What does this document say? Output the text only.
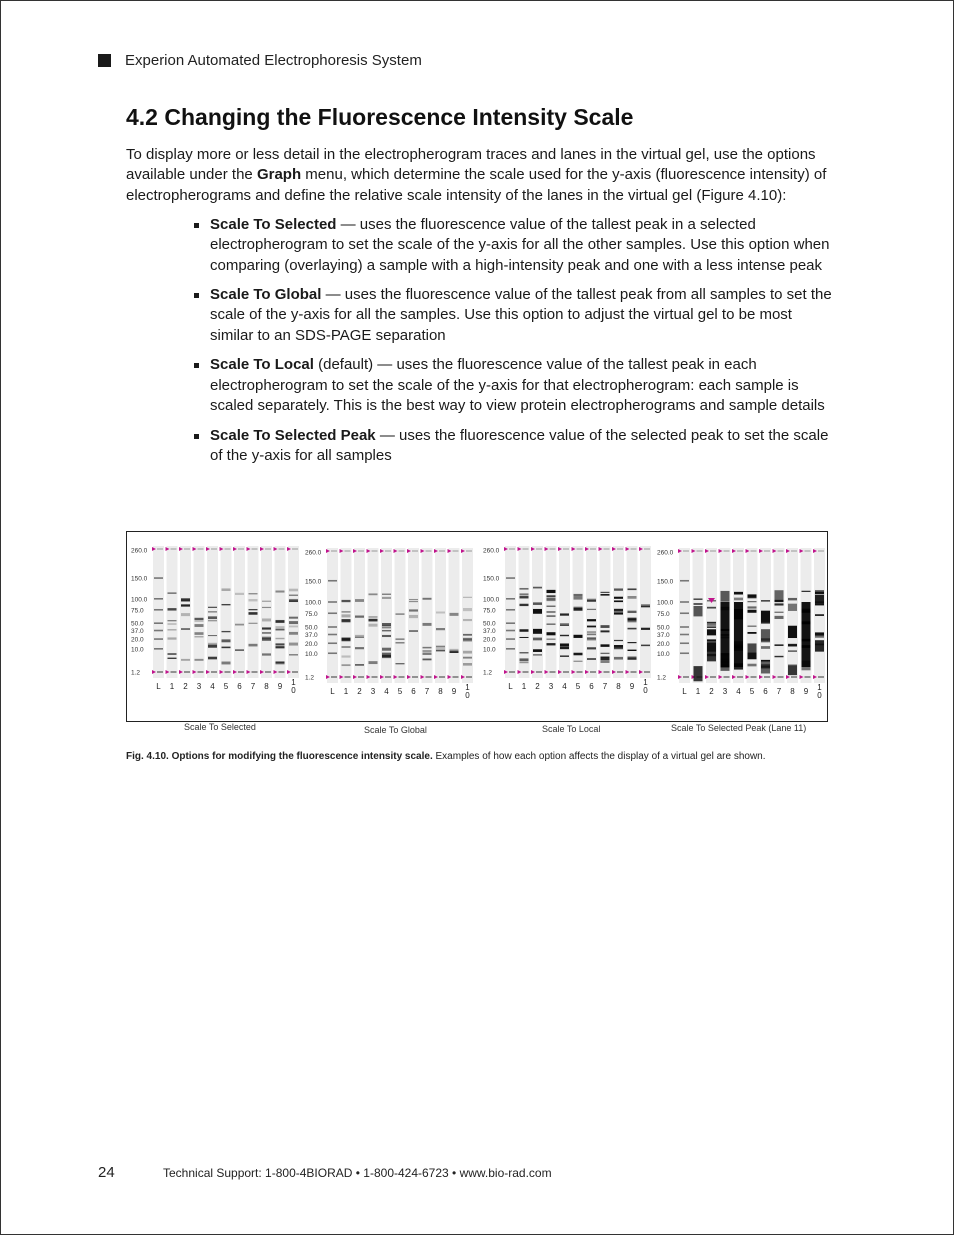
Experion Automated Electrophoresis System
4.2 Changing the Fluorescence Intensity Scale

To display more or less detail in the electropherogram traces and lanes in the virtual gel, use the options available under the Graph menu, which determine the scale used for the y-axis (fluorescence intensity) of electropherograms and define the relative scale intensity of the lanes in the virtual gel (Figure 4.10):

Scale To Selected — uses the fluorescence value of the tallest peak in a selected electropherogram to set the scale of the y-axis for all the other samples. Use this option when comparing (overlaying) a sample with a high-intensity peak and one with a less intense peak
Scale To Global — uses the fluorescence value of the tallest peak from all samples to set the scale of the y-axis for all the samples. Use this option to adjust the virtual gel to be most similar to an SDS-PAGE separation
Scale To Local (default) — uses the fluorescence value of the tallest peak in each electropherogram to set the scale of the y-axis for that electropherogram: each sample is scaled separately. This is the best way to view protein electropherograms and sample details
Scale To Selected Peak — uses the fluorescence value of the selected peak to set the scale of the y-axis for all samples
260.0
150.0
100.0
75.0
50.0
37.0
20.0
10.0
1.2
L 1 2 3 4 5 6 7 8 9 1 0
260.0
150.0
100.0
75.0
50.0
37.0
20.0
10.0
1.2
L 1 2 3 4 5 6 7 8 9 1 0
260.0
150.0
100.0
75.0
50.0
37.0
20.0
10.0
1.2
L 1 2 3 4 5 6 7 8 9 1 0
260.0
150.0
100.0
75.0
50.0
37.0
20.0
10.0
1.2
L 1 2 3 4 5 6 7 8 9 1 0
Scale To Selected	Scale To Global	Scale To Local	Scale To Selected Peak (Lane 11)
Fig. 4.10. Options for modifying the fluorescence intensity scale. Examples of how each option affects the display of a virtual gel are shown.
24	Technical Support: 1-800-4BIORAD • 1-800-424-6723 • www.bio-rad.com
